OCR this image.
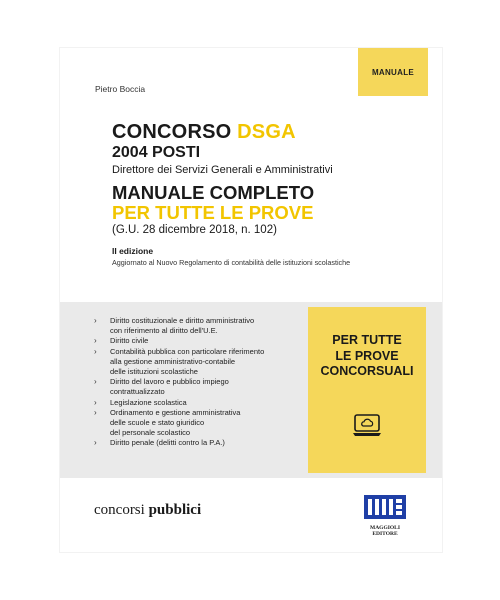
MANUALE
Pietro Boccia
CONCORSO DSGA
2004 POSTI
Direttore dei Servizi Generali e Amministrativi
MANUALE COMPLETO
PER TUTTE LE PROVE
(G.U. 28 dicembre 2018, n. 102)
II edizione
Aggiornato al Nuovo Regolamento di contabilità delle istituzioni scolastiche
› Diritto costituzionale e diritto amministrativo
con riferimento al diritto dell'U.E.
› Diritto civile
› Contabilità pubblica con particolare riferimento
alla gestione amministrativo-contabile
delle istituzioni scolastiche
› Diritto del lavoro e pubblico impiego
contrattualizzato
› Legislazione scolastica
› Ordinamento e gestione amministrativa
delle scuole e stato giuridico
del personale scolastico
› Diritto penale (delitti contro la P.A.)
PER TUTTE
LE PROVE
CONCORSUALI
concorsi pubblici
MAGGIOLI
EDITORE
